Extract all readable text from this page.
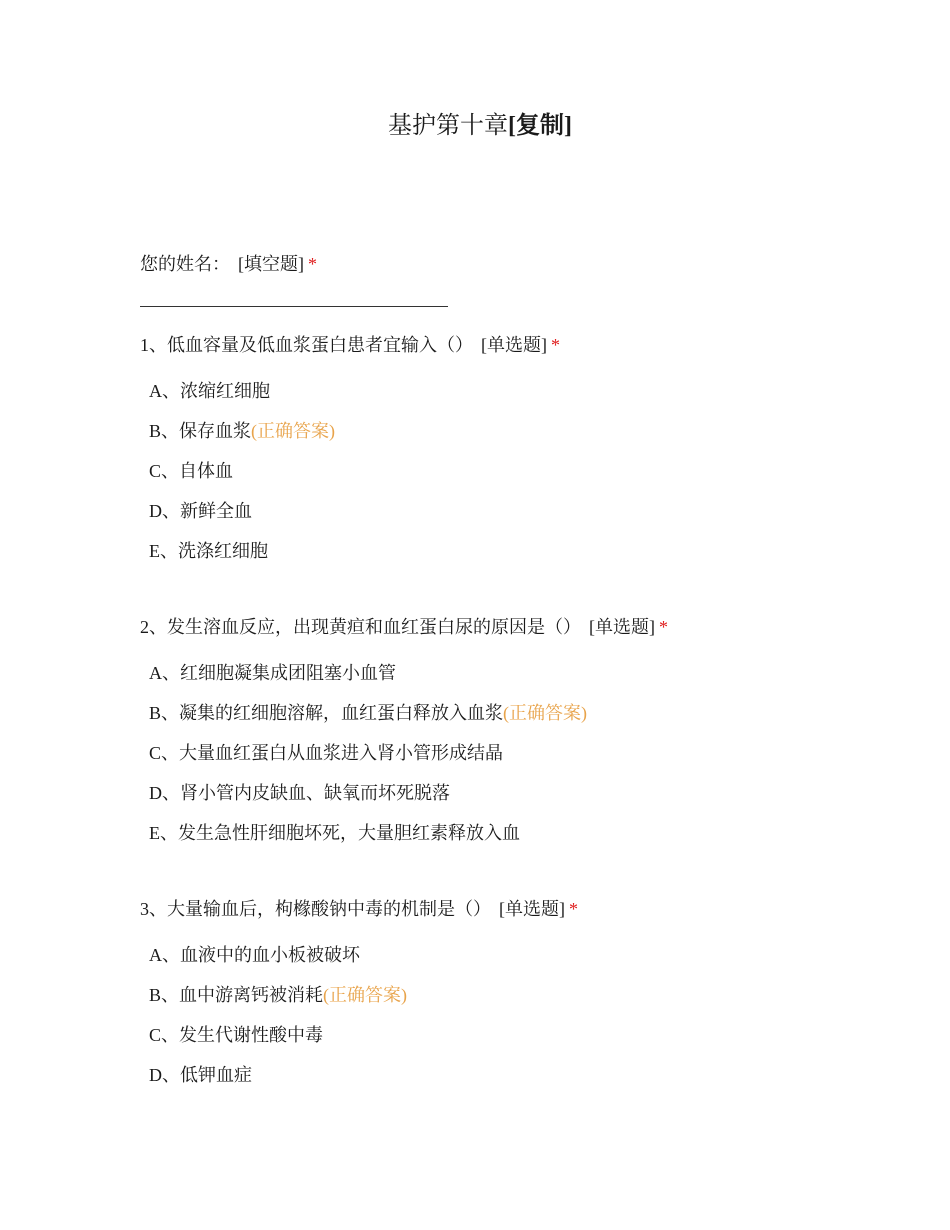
基护第十章[复制]
您的姓名： [填空题] *
1、低血容量及低血浆蛋白患者宜输入（） [单选题] *
A、浓缩红细胞
B、保存血浆(正确答案)
C、自体血
D、新鲜全血
E、洗涤红细胞
2、发生溶血反应，出现黄疸和血红蛋白尿的原因是（） [单选题] *
A、红细胞凝集成团阻塞小血管
B、凝集的红细胞溶解，血红蛋白释放入血浆(正确答案)
C、大量血红蛋白从血浆进入肾小管形成结晶
D、肾小管内皮缺血、缺氧而坏死脱落
E、发生急性肝细胞坏死，大量胆红素释放入血
3、大量输血后，枸橼酸钠中毒的机制是（） [单选题] *
A、血液中的血小板被破坏
B、血中游离钙被消耗(正确答案)
C、发生代谢性酸中毒
D、低钾血症
